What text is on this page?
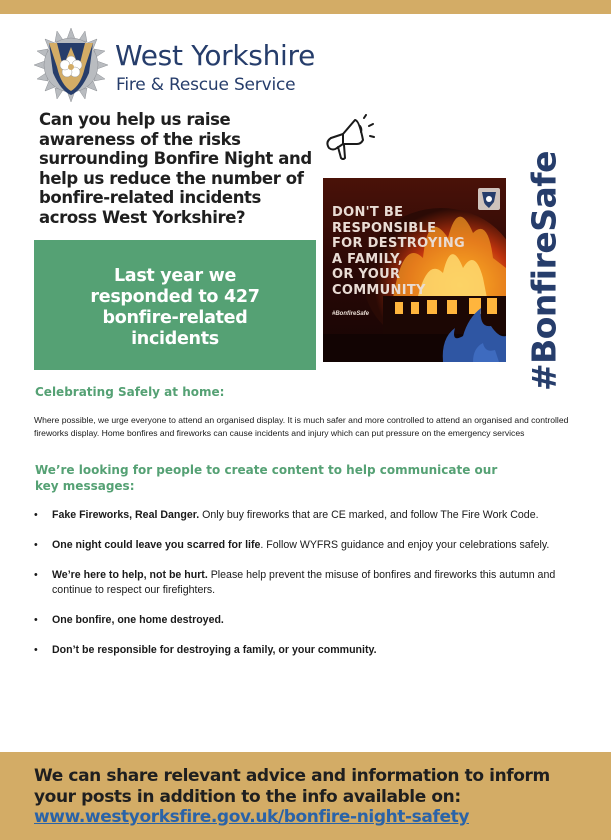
West Yorkshire
Fire & Rescue Service
Can you help us raise awareness of the risks surrounding Bonfire Night and help us reduce the number of bonfire-related incidents across West Yorkshire?
Last year we responded to 427 bonfire-related incidents
DON'T BE
RESPONSIBLE
FOR DESTROYING
A FAMILY,
OR YOUR
COMMUNITY
#BonfireSafe	#BonfireSafe
Celebrating Safely at home:
Where possible, we urge everyone to attend an organised display. It is much safer and more controlled to attend an organised and controlled fireworks display. Home bonfires and fireworks can cause incidents and injury which can put pressure on the emergency services
We’re looking for people to create content to help communicate our key messages:
• Fake Fireworks, Real Danger. Only buy fireworks that are CE marked, and follow The Fire Work Code.
• One night could leave you scarred for life. Follow WYFRS guidance and enjoy your celebrations safely.
• We’re here to help, not be hurt. Please help prevent the misuse of bonfires and fireworks this autumn and continue to respect our firefighters.
• One bonfire, one home destroyed.
• Don’t be responsible for destroying a family, or your community.
We can share relevant advice and information to inform your posts in addition to the info available on:
www.westyorksfire.gov.uk/bonfire-night-safety
